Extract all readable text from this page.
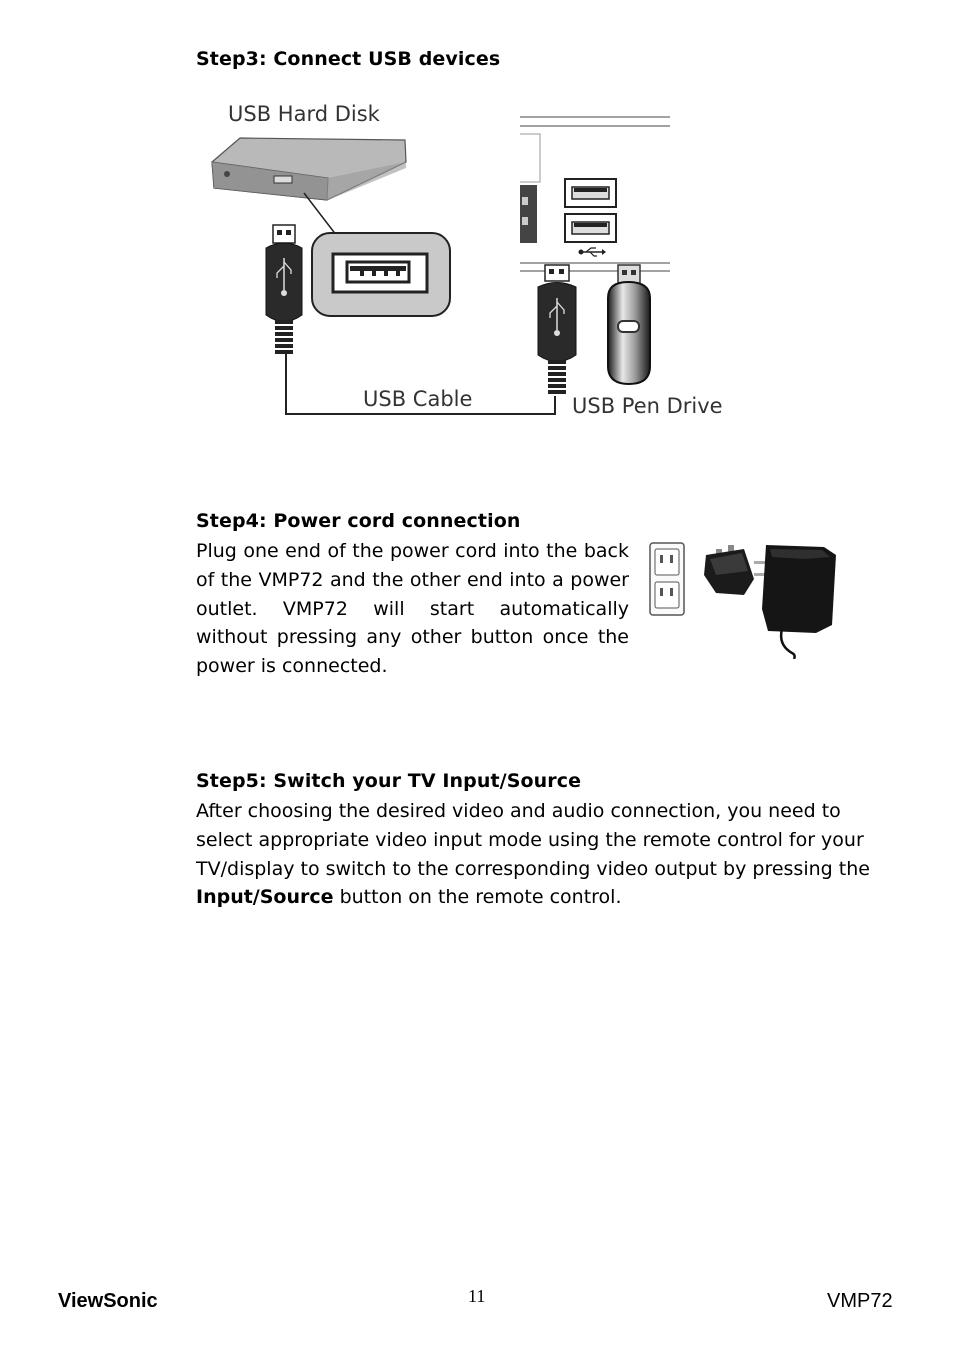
Step3: Connect USB devices
USB Hard Disk
USB Cable	USB Pen Drive
Step4: Power cord connection
Plug one end of the power cord into the back of the VMP72 and the other end into a power outlet. VMP72 will start automatically without pressing any other button once the power is connected.
Step5: Switch your TV Input/Source
After choosing the desired video and audio connection, you need to select appropriate video input mode using the remote control for your TV/display to switch to the corresponding video output by pressing the Input/Source button on the remote control.
ViewSonic	11	VMP72
